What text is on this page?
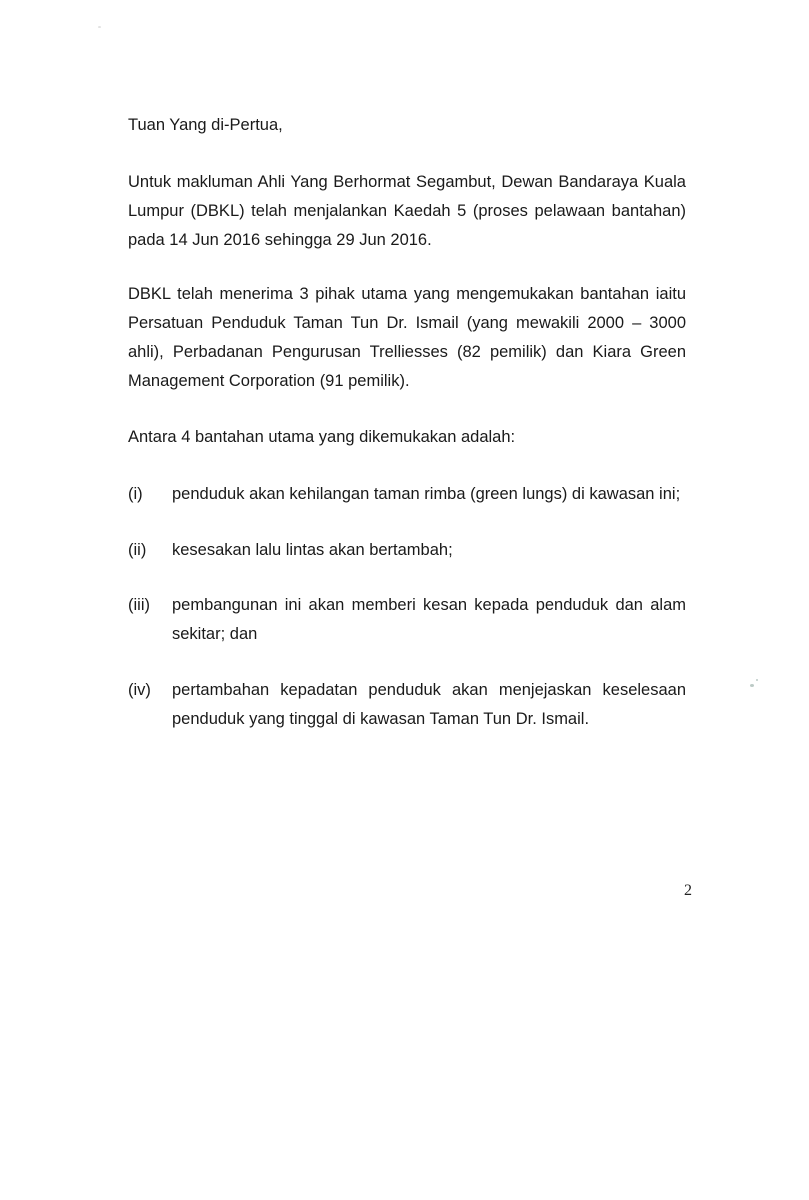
Tuan Yang di-Pertua,

Untuk makluman Ahli Yang Berhormat Segambut, Dewan Bandaraya Kuala Lumpur (DBKL) telah menjalankan Kaedah 5 (proses pelawaan bantahan) pada 14 Jun 2016 sehingga 29 Jun 2016.

DBKL telah menerima 3 pihak utama yang mengemukakan bantahan iaitu Persatuan Penduduk Taman Tun Dr. Ismail (yang mewakili 2000 – 3000 ahli), Perbadanan Pengurusan Trelliesses (82 pemilik) dan Kiara Green Management Corporation (91 pemilik).

Antara 4 bantahan utama yang dikemukakan adalah:

(i)	penduduk akan kehilangan taman rimba (green lungs) di kawasan ini;
(ii)	kesesakan lalu lintas akan bertambah;
(iii)	pembangunan ini akan memberi kesan kepada penduduk dan alam sekitar; dan
(iv)	pertambahan kepadatan penduduk akan menjejaskan keselesaan penduduk yang tinggal di kawasan Taman Tun Dr. Ismail.
2
